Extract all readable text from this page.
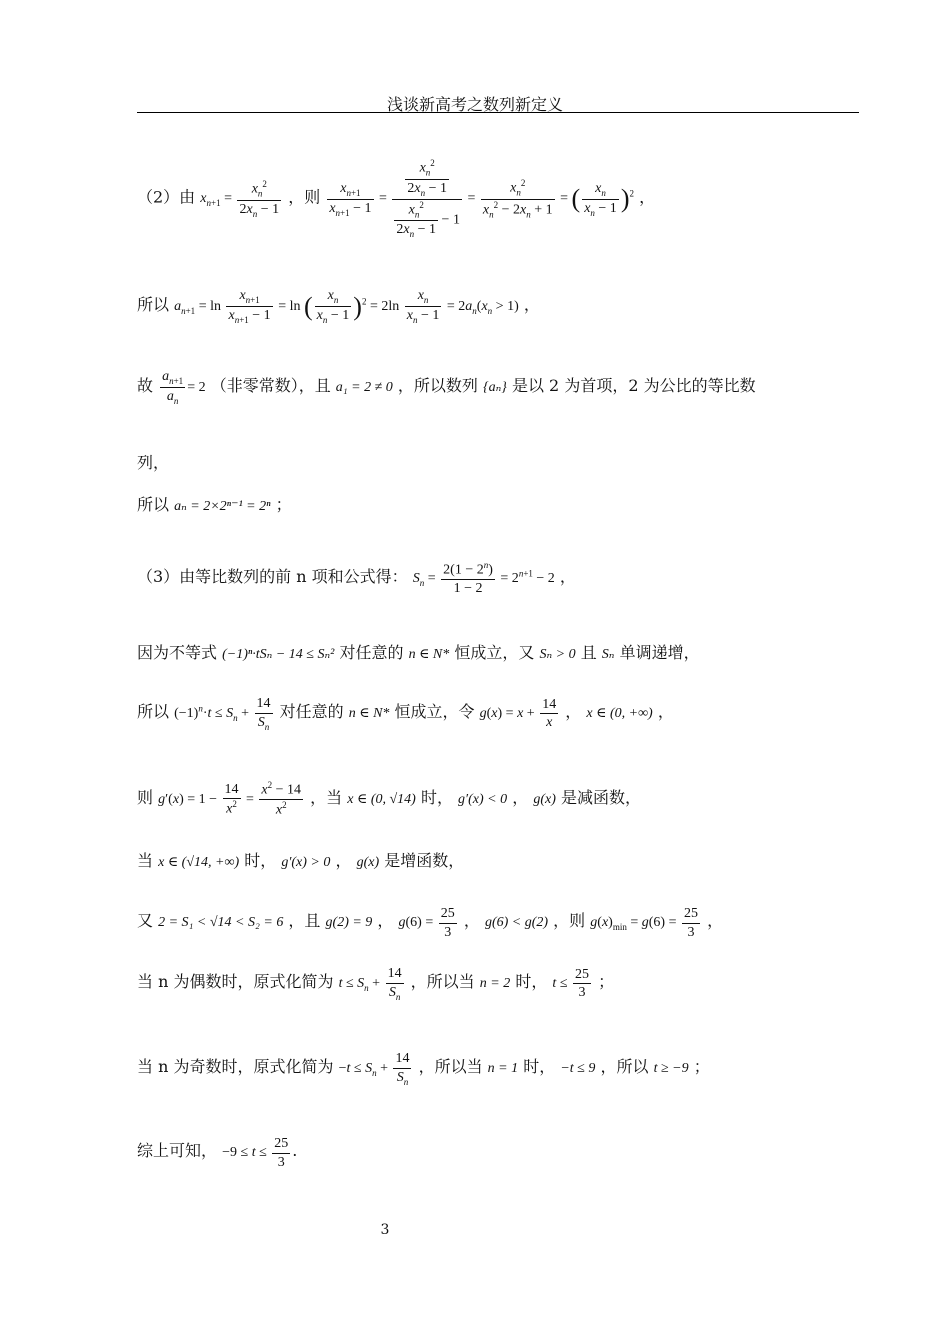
浅谈新高考之数列新定义
（2）由 $x_{n+1} = \frac{x_n^2}{2x_n - 1}$ ，则 $\frac{x_{n+1}}{x_{n+1} - 1} = \frac{\frac{x_n^2}{2x_n - 1}}{\frac{x_n^2}{2x_n - 1} - 1} = \frac{x_n^2}{x_n^2 - 2x_n + 1}$ = ( $\frac{x_n}{x_n - 1} )^2$ ，
所以 $a_{n+1} = \ln \frac{x_{n+1}}{x_{n+1} - 1} = \ln$ ( $\frac{x_n}{x_n - 1} )^2 = 2\ln \frac{x_n}{x_n - 1} = 2a_n(x_n > 1)$ ，
故 $\frac{a_{n+1}}{a_n} = 2$ （非零常数），且 a₁ = 2 ≠ 0 ，所以数列 {aₙ} 是以 2 为首项，2 为公比的等比数
列，
所以 aₙ = 2×2ⁿ⁻¹ = 2ⁿ ；
（3）由等比数列的前 n 项和公式得： $S_n = \frac{2(1 - 2^n)}{1 - 2} = 2^{n+1} - 2$ ，
因为不等式 (−1)ⁿ·tSₙ − 14 ≤ Sₙ² 对任意的 n ∈ N* 恒成立，又 Sₙ > 0 且 Sₙ 单调递增，
所以 $(-1)^n\cdot t \le S_n + \frac{14}{S_n}$ 对任意的 n ∈ N* 恒成立，令 $g(x) = x + \frac{14}{x}$ ， x ∈ (0, +∞) ，
则 $g'(x) = 1 - \frac{14}{x^2} = \frac{x^2 - 14}{x^2}$ ，当 x ∈ (0, √14) 时， g′(x) < 0 ， g(x) 是减函数，
当 x ∈ (√14, +∞) 时， g′(x) > 0 ， g(x) 是增函数，
又 2 = S₁ < √14 < S₂ = 6 ，且 g(2) = 9 ， $g(6) = \frac{25}{3}$ ， g(6) < g(2) ，则 $g(x)_{min} = g(6) = \frac{25}{3}$ ，
当 n 为偶数时，原式化简为 $t \le S_n + \frac{14}{S_n}$ ，所以当 n = 2 时， $t \le \frac{25}{3}$ ；
当 n 为奇数时，原式化简为 $-t \le S_n + \frac{14}{S_n}$ ，所以当 n = 1 时， −t ≤ 9 ，所以 t ≥ −9 ；
综上可知， $-9 \le t \le \frac{25}{3}$ .
3
